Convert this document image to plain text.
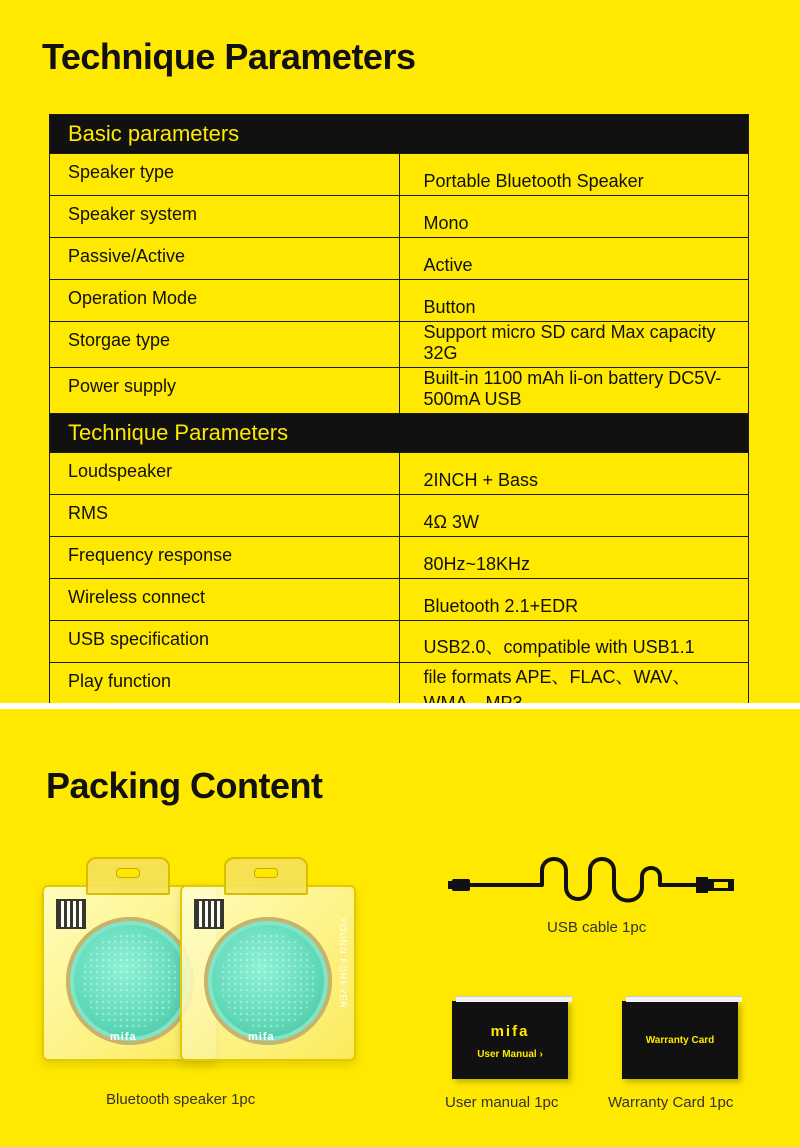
Technique Parameters
Basic parameters	
Speaker type	Portable Bluetooth Speaker
Speaker system	Mono
Passive/Active	Active
Operation Mode	Button
Storgae type	Support micro SD card Max capacity 32G
Power supply	Built-in 1100 mAh li-on battery DC5V-500mA USB
Technique Parameters	
Loudspeaker	2INCH + Bass
RMS	4Ω 3W
Frequency response	80Hz~18KHz
Wireless connect	Bluetooth 2.1+EDR
USB specification	USB2.0、compatible with USB1.1
Play function	file formats APE、FLAC、WAV、
Packing Content
mifa	mifa
YOUNG FOREVER
Bluetooth speaker 1pc
USB cable 1pc
mifa
User Manual ›
User manual 1pc
Warranty Card
Warranty Card 1pc
